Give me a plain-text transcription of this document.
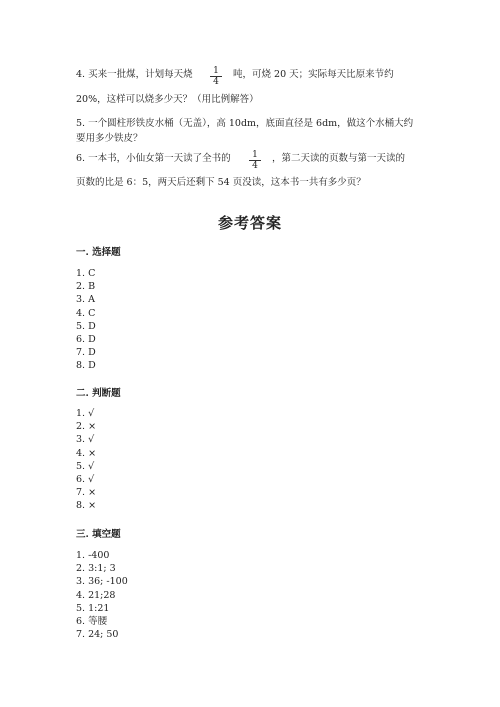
4. 买来一批煤，计划每天烧 $\frac{1}{4}$ 吨，可烧 20 天；实际每天比原来节约
20%，这样可以烧多少天？（用比例解答）
5. 一个圆柱形铁皮水桶（无盖），高 10dm，底面直径是 6dm，做这个水桶大约
要用多少铁皮？
6. 一本书，小仙女第一天读了全书的 $\frac{1}{4}$ ，第二天读的页数与第一天读的
页数的比是 6：5，两天后还剩下 54 页没读，这本书一共有多少页？
参考答案
一. 选择题
1. C
2. B
3. A
4. C
5. D
6. D
7. D
8. D
二. 判断题
1. √
2. ×
3. √
4. ×
5. √
6. √
7. ×
8. ×
三. 填空题
1. -400
2. 3:1; 3
3. 36; -100
4. 21;28
5. 1:21
6. 等腰
7. 24; 50
